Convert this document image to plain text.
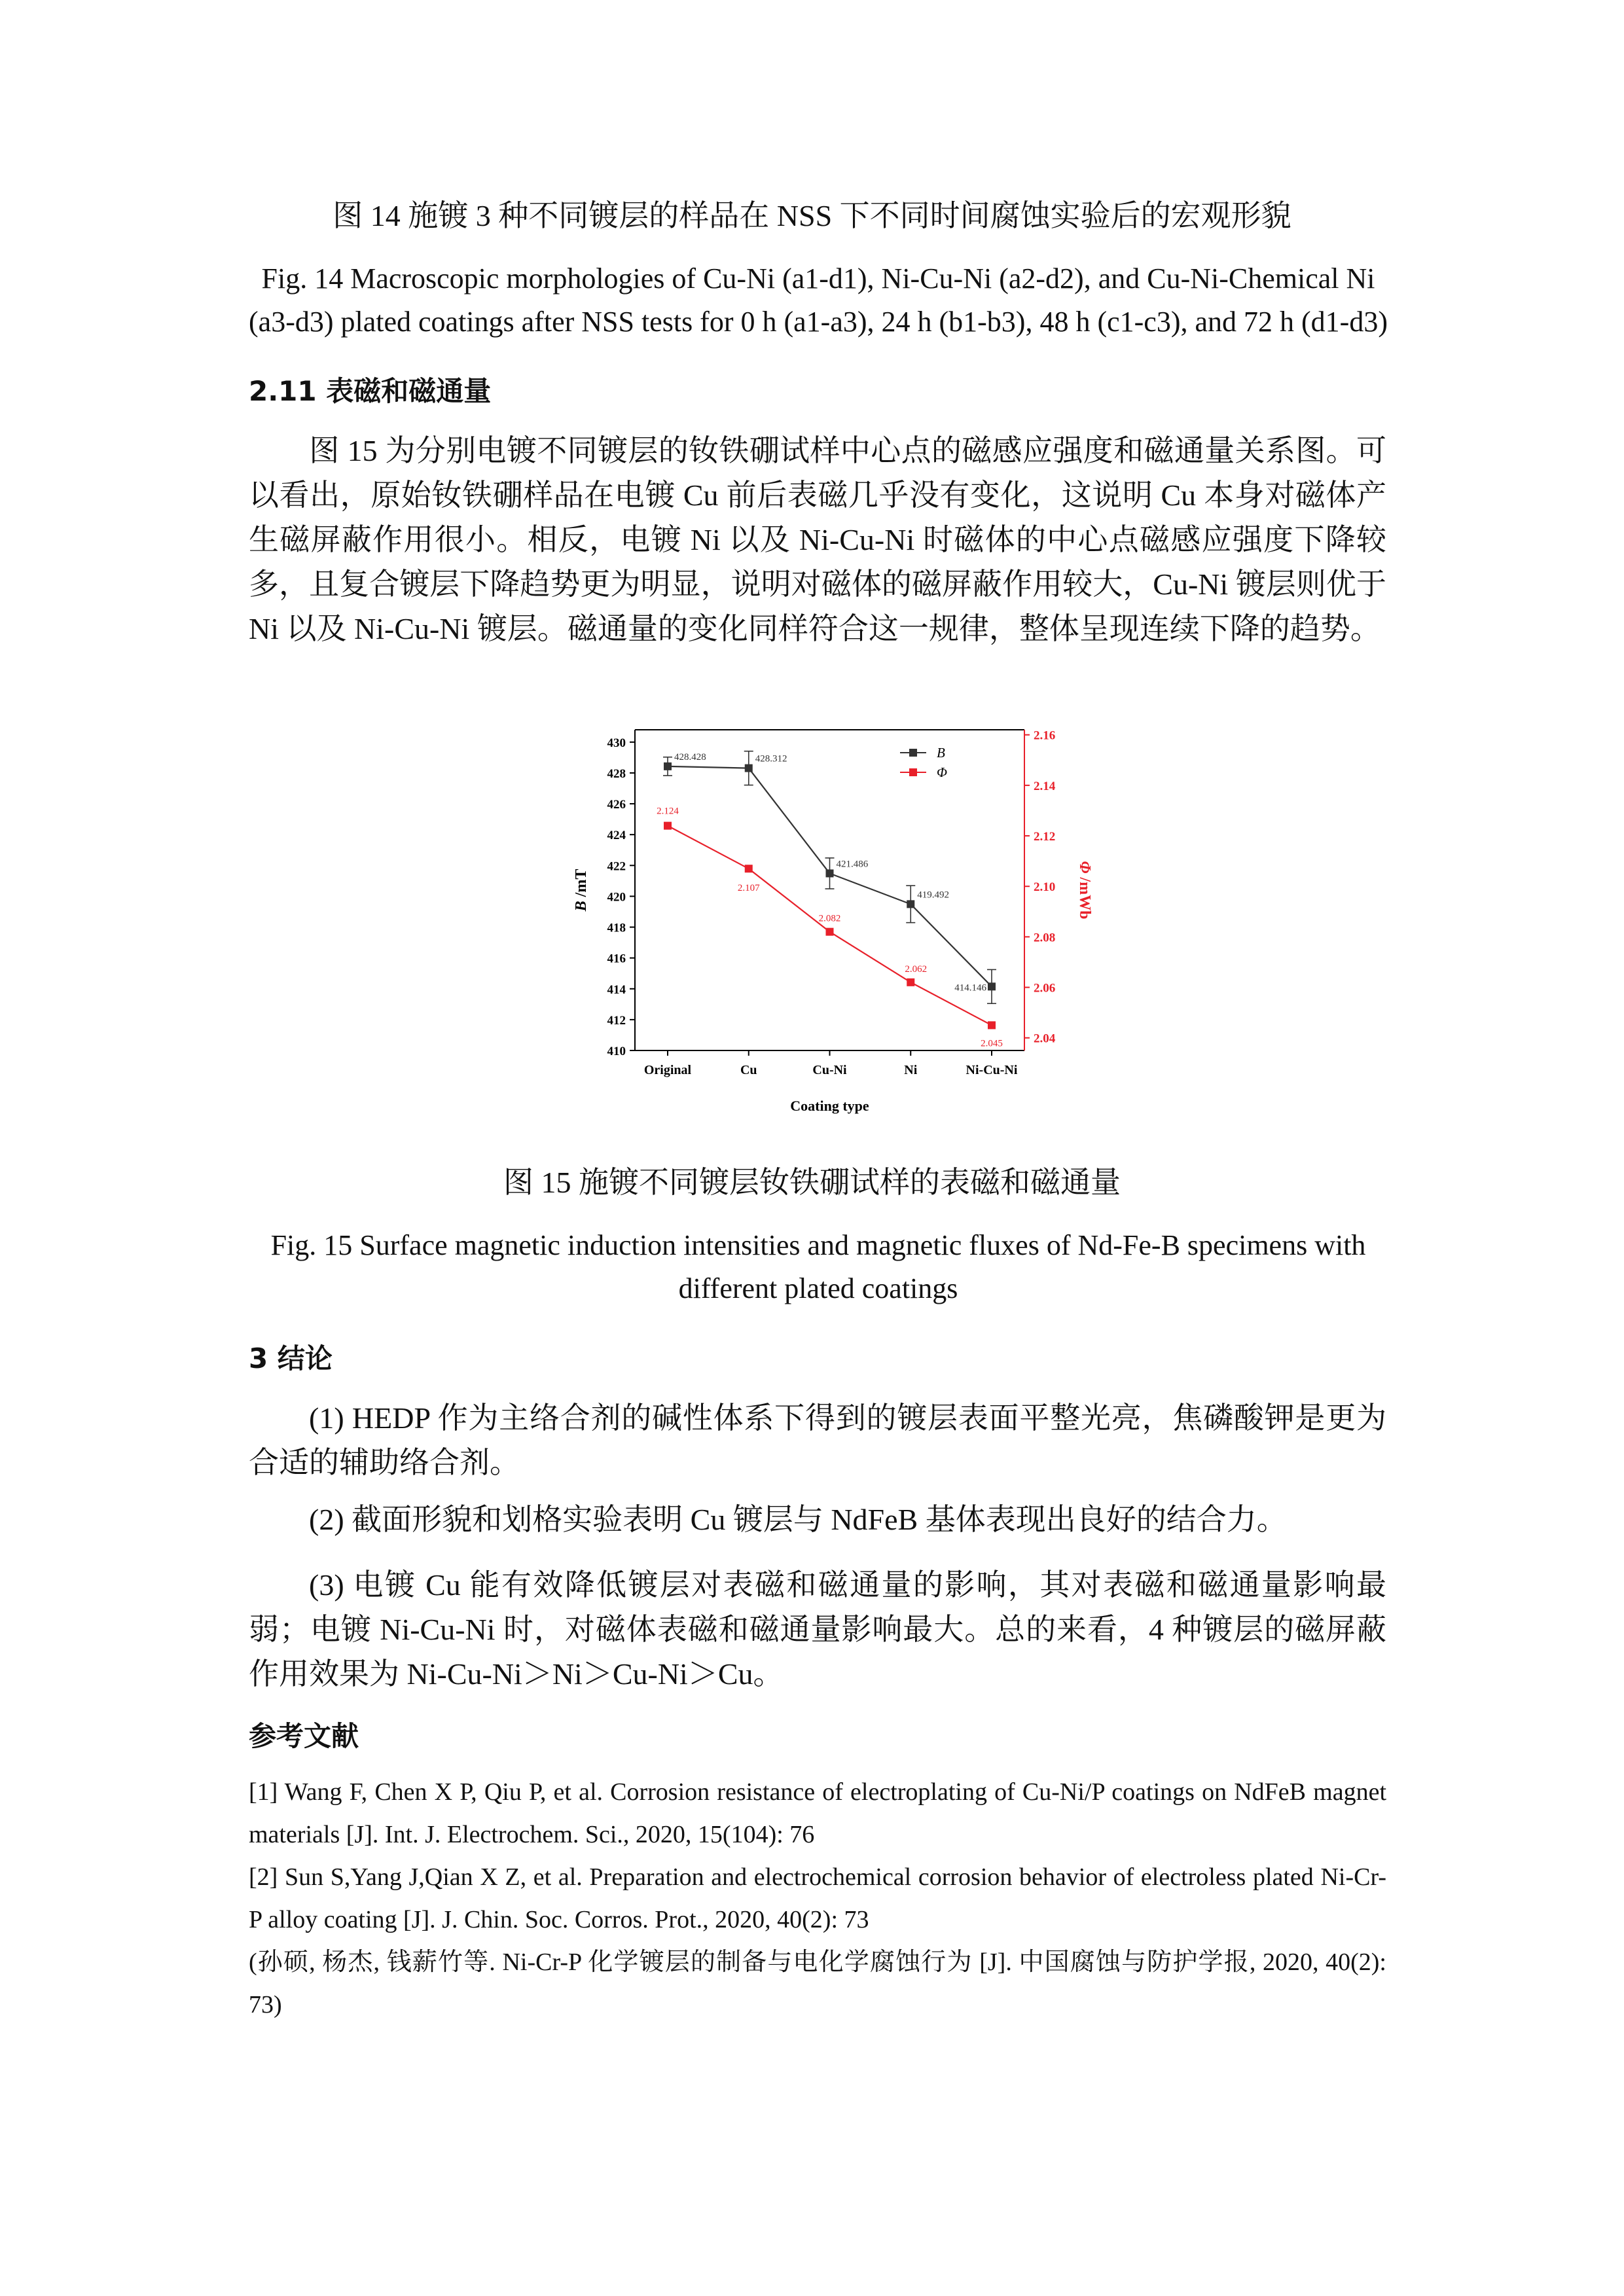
图 14 施镀 3 种不同镀层的样品在 NSS 下不同时间腐蚀实验后的宏观形貌
Fig. 14 Macroscopic morphologies of Cu-Ni (a1-d1), Ni-Cu-Ni (a2-d2), and Cu-Ni-Chemical Ni
(a3-d3) plated coatings after NSS tests for 0 h (a1-a3), 24 h (b1-b3), 48 h (c1-c3), and 72 h (d1-d3)
2.11 表磁和磁通量
图 15 为分别电镀不同镀层的钕铁硼试样中心点的磁感应强度和磁通量关系图。可以看出，原始钕铁硼样品在电镀 Cu 前后表磁几乎没有变化，这说明 Cu 本身对磁体产生磁屏蔽作用很小。相反，电镀 Ni 以及 Ni-Cu-Ni 时磁体的中心点磁感应强度下降较多，且复合镀层下降趋势更为明显，说明对磁体的磁屏蔽作用较大，Cu-Ni 镀层则优于 Ni 以及 Ni-Cu-Ni 镀层。磁通量的变化同样符合这一规律，整体呈现连续下降的趋势。
410
412
414
416
418
420
422
424
426
428
430
2.04
2.06
2.08
2.10
2.12
2.14
2.16
Original	Cu	Cu-Ni	Ni	Ni-Cu-Ni
Coating type
B /mT
Φ /mWb
428.428	428.312
421.486
419.492
414.146
2.124
2.107
2.082
2.062
2.045
B
Φ
图 15 施镀不同镀层钕铁硼试样的表磁和磁通量
Fig. 15 Surface magnetic induction intensities and magnetic fluxes of Nd-Fe-B specimens with
different plated coatings
3 结论
(1) HEDP 作为主络合剂的碱性体系下得到的镀层表面平整光亮，焦磷酸钾是更为合适的辅助络合剂。
(2) 截面形貌和划格实验表明 Cu 镀层与 NdFeB 基体表现出良好的结合力。
(3) 电镀 Cu 能有效降低镀层对表磁和磁通量的影响，其对表磁和磁通量影响最弱；电镀 Ni-Cu-Ni 时，对磁体表磁和磁通量影响最大。总的来看，4 种镀层的磁屏蔽作用效果为 Ni-Cu-Ni＞Ni＞Cu-Ni＞Cu。
参考文献

[1] Wang F, Chen X P, Qiu P, et al. Corrosion resistance of electroplating of Cu-Ni/P coatings on NdFeB magnet materials [J]. Int. J. Electrochem. Sci., 2020, 15(104): 76

[2] Sun S,Yang J,Qian X Z, et al. Preparation and electrochemical corrosion behavior of electroless plated Ni-Cr-P alloy coating [J]. J. Chin. Soc. Corros. Prot., 2020, 40(2): 73

(孙硕, 杨杰, 钱薪竹等. Ni-Cr-P 化学镀层的制备与电化学腐蚀行为 [J]. 中国腐蚀与防护学报, 2020, 40(2): 73)
